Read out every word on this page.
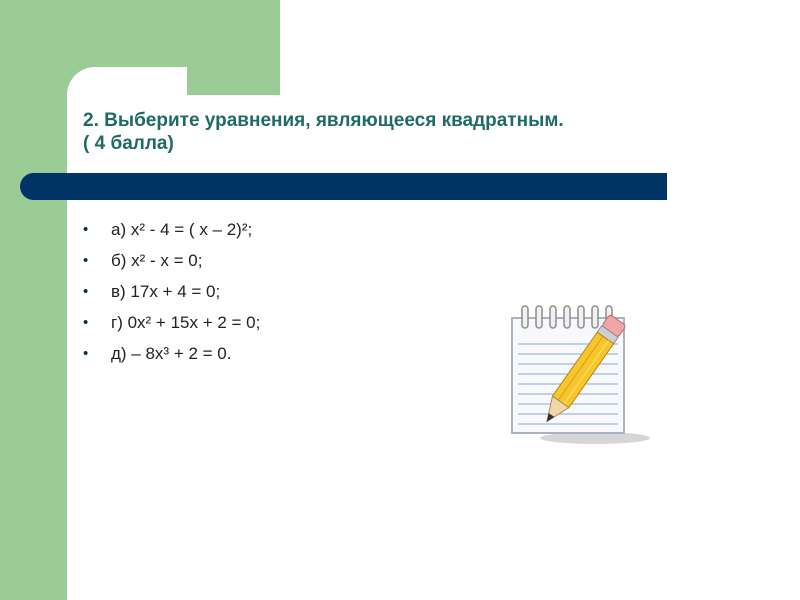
2. Выберите уравнения, являющееся квадратным.
( 4 балла)
• а) х² - 4 = ( х – 2)²;
• б) х² - х = 0;
• в) 17х + 4 = 0;
• г) 0х² + 15х + 2 = 0;
• д) – 8х³ + 2 = 0.
